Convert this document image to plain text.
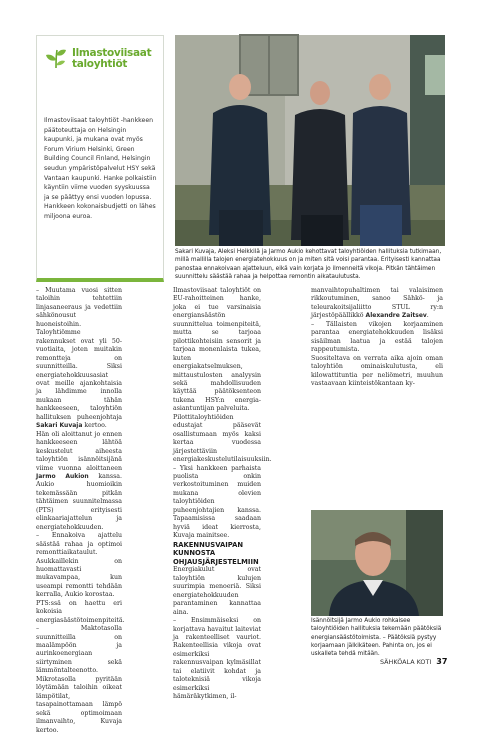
Ilmastoviisaat
taloyhtiöt
Ilmastoviisaat taloyhtiöt -hankkeen päätoteuttaja on Helsingin kaupunki, ja mukana ovat myös Forum Virium Helsinki, Green Building Council Finland, Helsingin seudun ympäristöpalvelut HSY sekä Vantaan kaupunki. Hanke polkaistiin käyntiin viime vuoden syyskuussa ja se päättyy ensi vuoden lopussa. Hankkeen kokonaisbudjetti on lähes miljoona euroa.
Sakari Kuvaja, Aleksi Heikkilä ja Jarmo Aukio kehottavat taloyhtiöiden hallituksia tutkimaan, millä mallilla talojen energiatehokkuus on ja miten sitä voisi parantaa. Erityisesti kannattaa panostaa ennakoivaan ajatteluun, eikä vain korjata jo ilmenneitä vikoja. Pitkän tähtäimen suunnittelu säästää rahaa ja helpottaa remontin aikataulutusta.

– Muutama vuosi sitten taloihin tehtettiin linjasaneeraus ja vedettiin sähkönousut huoneistoihin. Taloyhtiömme rakennukset ovat yli 50-vuotiaita, joten muitakin remontteja on suunnitteilla. Siksi energiatehokkuusasiat ovat meille ajankohtaisia ja lähdimme innolla mukaan tähän hankkeeseen, taloyhtiön hallituksen puheenjohtaja Sakari Kuvaja kertoo.

Hän oli aloittanut jo ennen hankkeeseen lähtöä keskustelut aiheesta taloyhtiön isännöitsijänä viime vuonna aloittaneen Jarmo Aukion kanssa. Aukio huomioikin tekemässään pitkän tähtäimen suunnitelmassa (PTS) erityisesti elinkaariajattelun ja energiatehokkuuden.

– Ennakoiva ajattelu säästää rahaa ja optimoi remonttiaikataulut. Asukkaillekin on huomattavasti mukavampaa, kun useampi remontti tehdään kerralla, Aukio korostaa.

PTS:ssä on haettu eri kokoisia energiasäästötoimenpiteitä.

– Maktotasolla suunnitteilla on maalämpöön ja aurinkoenergiaan siirtyminen sekä lämmöntalteenotto. Mikrotasolla pyritään löytämään taloihin oikeat lämpötilat, tasapainottamaan lämpö sekä optimoimaan ilmanvaihto, Kuvaja kertoo.

Ilmastoviisaat taloyhtiöt on EU-rahoitteinen hanke, joka ei tue varsinaisia energiansäästön suunnittelua toimenpiteitä, mutta se tarjoaa pilottikohteisiin sensorit ja tarjoaa monenlaista tukea, kuten energiakatselmuksen, mittaustulosten analyysin sekä mahdollisuuden käyttää päätöksenteon tukena HSY:n energia-asiantuntijan palveluita.

Pilottitaloyhtiöiden edustajat pääsevät osallistumaan myös kaksi kertaa vuodessa järjestettäviin energiakeskustelutilaisuuksiin.

– Yksi hankkeen parhaista puolista onkin verkostoituminen muiden mukana olevien taloyhtiöiden puheenjohtajien kanssa. Tapaamisissa saadaan hyviä ideat kierrosta, Kuvaja mainitsee.

RAKENNUSVAIPAN KUNNOSTA OHJAUSJÄRJESTELMIIN

Energiakulut ovat taloyhtiön kulujen suurimpia menoeriä. Siksi energiatehokkuuden parantaminen kannattaa aina.

– Ensimmäiseksi on korjattava havaitut laiteviat ja rakenteelliset vauriot. Rakenteellisia vikoja ovat esimerkiksi rakennusvaipan kylmäsillat tai elatiivit kohdat ja taloteknisiä vikoja esimerkiksi hämäräkytkimen, il-

manvaihtopuhaltimen tai valaisimen rikkoutuminen, sanoo Sähkö- ja teleurakoitsijaliitto STUL ry:n järjestöpäällikkö Alexandre Zaitsev.

– Tällaisten vikojen korjaaminen parantaa energiatehokkuuden lisäksi sisäilman laatua ja estää talojen rappeutumista.

Suositeltava on verrata aika ajoin oman taloyhtiön ominaiskulutusta, eli kilowattituntia per neliömetri, muuhun vastaavaan kiinteistökantaan ky-

Isännöitsijä Jarmo Aukio rohkaisee taloyhtiöiden hallituksia tekemään päätöksiä energiansäästötoimista. – Päätöksiä pystyy korjaamaan jälkikäteen. Pahinta on, jos ei uskalleta tehdä mitään.
SÄHKÖALA KOTI 37
